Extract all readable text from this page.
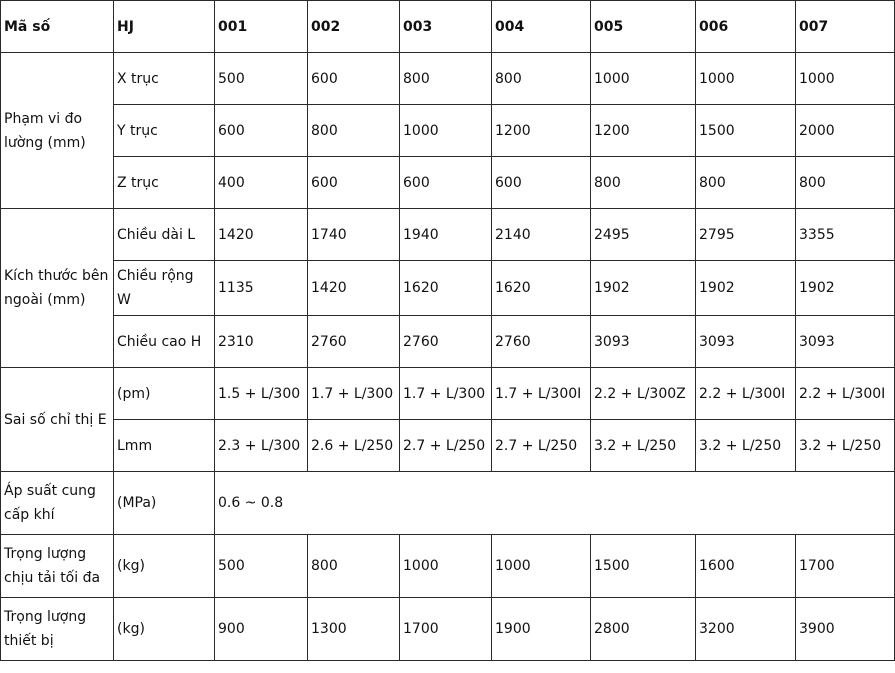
Mã số	HJ	001	002	003	004	005	006	007
Phạm vi đo lường (mm)	X trục	500	600	800	800	1000	1000	1000
	Y trục	600	800	1000	1200	1200	1500	2000
	Z trục	400	600	600	600	800	800	800
Kích thước bên ngoài (mm)	Chiều dài L	1420	1740	1940	2140	2495	2795	3355
	Chiều rộng W	1135	1420	1620	1620	1902	1902	1902
	Chiều cao H	2310	2760	2760	2760	3093	3093	3093
Sai số chỉ thị E	(pm)	1.5 + L/300	1.7 + L/300	1.7 + L/300	1.7 + L/300I	2.2 + L/300Z	2.2 + L/300I	2.2 + L/300I
	Lmm	2.3 + L/300	2.6 + L/250	2.7 + L/250	2.7 + L/250	3.2 + L/250	3.2 + L/250	3.2 + L/250
Áp suất cung cấp khí	(MPa)	0.6 ~ 0.8						
Trọng lượng chịu tải tối đa	(kg)	500	800	1000	1000	1500	1600	1700
Trọng lượng thiết bị	(kg)	900	1300	1700	1900	2800	3200	3900
